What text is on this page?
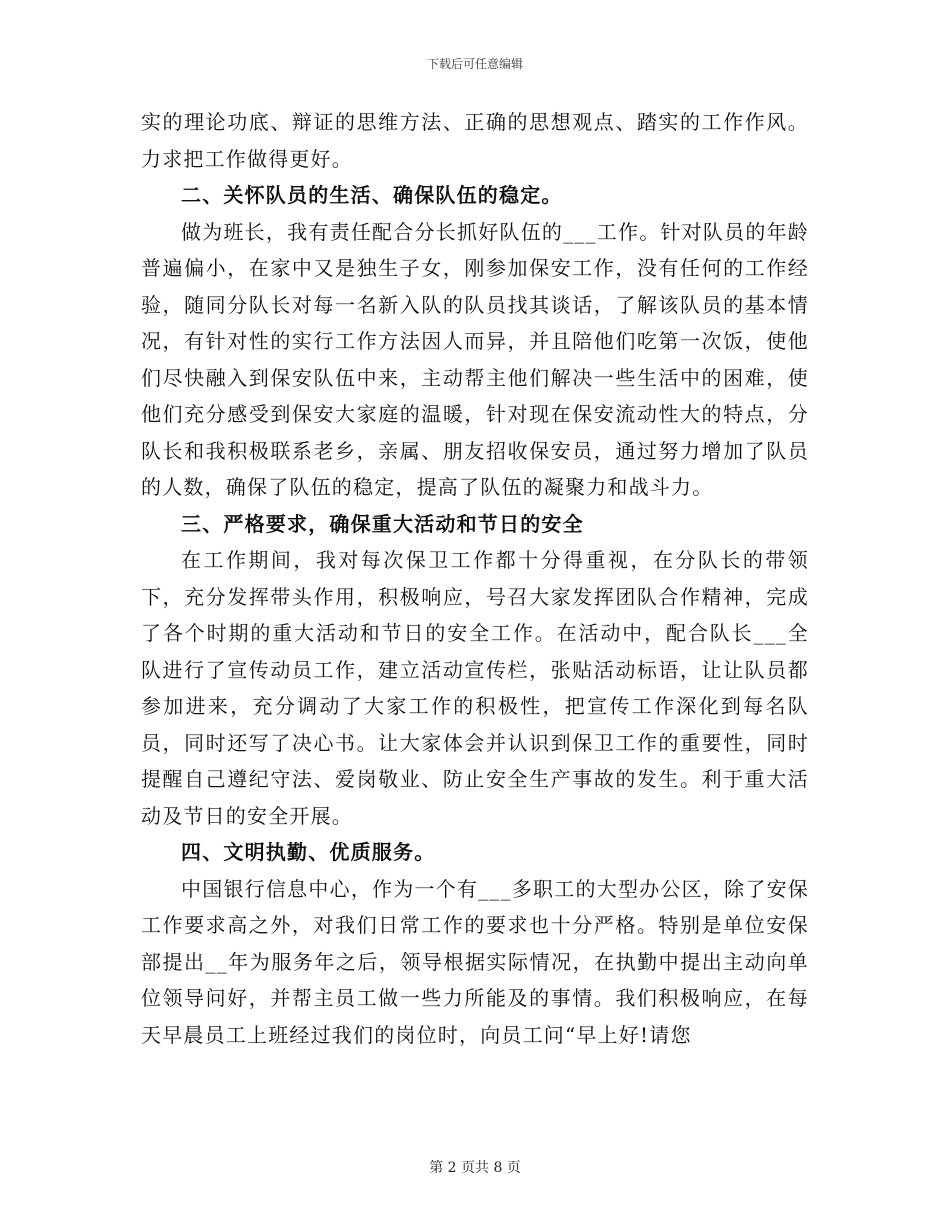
下载后可任意编辑

实的理论功底、辩证的思维方法、正确的思想观点、踏实的工作作风。力求把工作做得更好。

二、关怀队员的生活、确保队伍的稳定。

做为班长，我有责任配合分长抓好队伍的___工作。针对队员的年龄普遍偏小，在家中又是独生子女，刚参加保安工作，没有任何的工作经验，随同分队长对每一名新入队的队员找其谈话，了解该队员的基本情况，有针对性的实行工作方法因人而异，并且陪他们吃第一次饭，使他们尽快融入到保安队伍中来，主动帮主他们解决一些生活中的困难，使他们充分感受到保安大家庭的温暖，针对现在保安流动性大的特点，分队长和我积极联系老乡，亲属、朋友招收保安员，通过努力增加了队员的人数，确保了队伍的稳定，提高了队伍的凝聚力和战斗力。

三、严格要求，确保重大活动和节日的安全

在工作期间，我对每次保卫工作都十分得重视，在分队长的带领下，充分发挥带头作用，积极响应，号召大家发挥团队合作精神，完成了各个时期的重大活动和节日的安全工作。在活动中，配合队长___全队进行了宣传动员工作，建立活动宣传栏，张贴活动标语，让让队员都参加进来，充分调动了大家工作的积极性，把宣传工作深化到每名队员，同时还写了决心书。让大家体会并认识到保卫工作的重要性，同时提醒自己遵纪守法、爱岗敬业、防止安全生产事故的发生。利于重大活动及节日的安全开展。

四、文明执勤、优质服务。

中国银行信息中心，作为一个有___多职工的大型办公区，除了安保工作要求高之外，对我们日常工作的要求也十分严格。特别是单位安保部提出__年为服务年之后，领导根据实际情况，在执勤中提出主动向单位领导问好，并帮主员工做一些力所能及的事情。我们积极响应，在每天早晨员工上班经过我们的岗位时，向员工问“早上好!请您

第 2 页共 8 页
